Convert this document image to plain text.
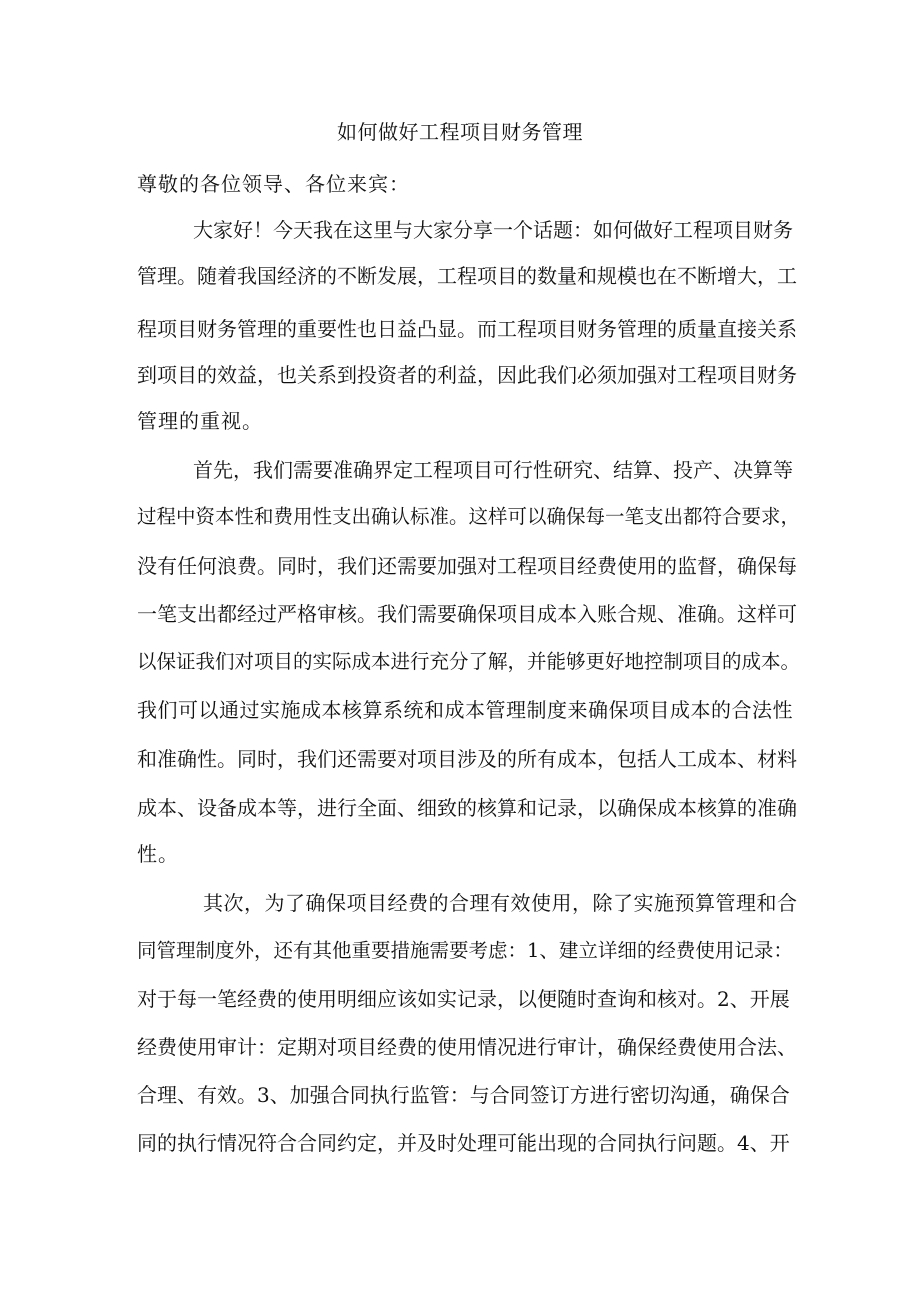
如何做好工程项目财务管理
尊敬的各位领导、各位来宾：
大家好！今天我在这里与大家分享一个话题：如何做好工程项目财务
管理。随着我国经济的不断发展，工程项目的数量和规模也在不断增大，工
程项目财务管理的重要性也日益凸显。而工程项目财务管理的质量直接关系
到项目的效益，也关系到投资者的利益，因此我们必须加强对工程项目财务
管理的重视。
首先，我们需要准确界定工程项目可行性研究、结算、投产、决算等
过程中资本性和费用性支出确认标准。这样可以确保每一笔支出都符合要求，
没有任何浪费。同时，我们还需要加强对工程项目经费使用的监督，确保每
一笔支出都经过严格审核。我们需要确保项目成本入账合规、准确。这样可
以保证我们对项目的实际成本进行充分了解，并能够更好地控制项目的成本。
我们可以通过实施成本核算系统和成本管理制度来确保项目成本的合法性
和准确性。同时，我们还需要对项目涉及的所有成本，包括人工成本、材料
成本、设备成本等，进行全面、细致的核算和记录，以确保成本核算的准确
性。
其次，为了确保项目经费的合理有效使用，除了实施预算管理和合
同管理制度外，还有其他重要措施需要考虑：1、建立详细的经费使用记录：
对于每一笔经费的使用明细应该如实记录，以便随时查询和核对。2、开展
经费使用审计：定期对项目经费的使用情况进行审计，确保经费使用合法、
合理、有效。3、加强合同执行监管：与合同签订方进行密切沟通，确保合
同的执行情况符合合同约定，并及时处理可能出现的合同执行问题。4、开
